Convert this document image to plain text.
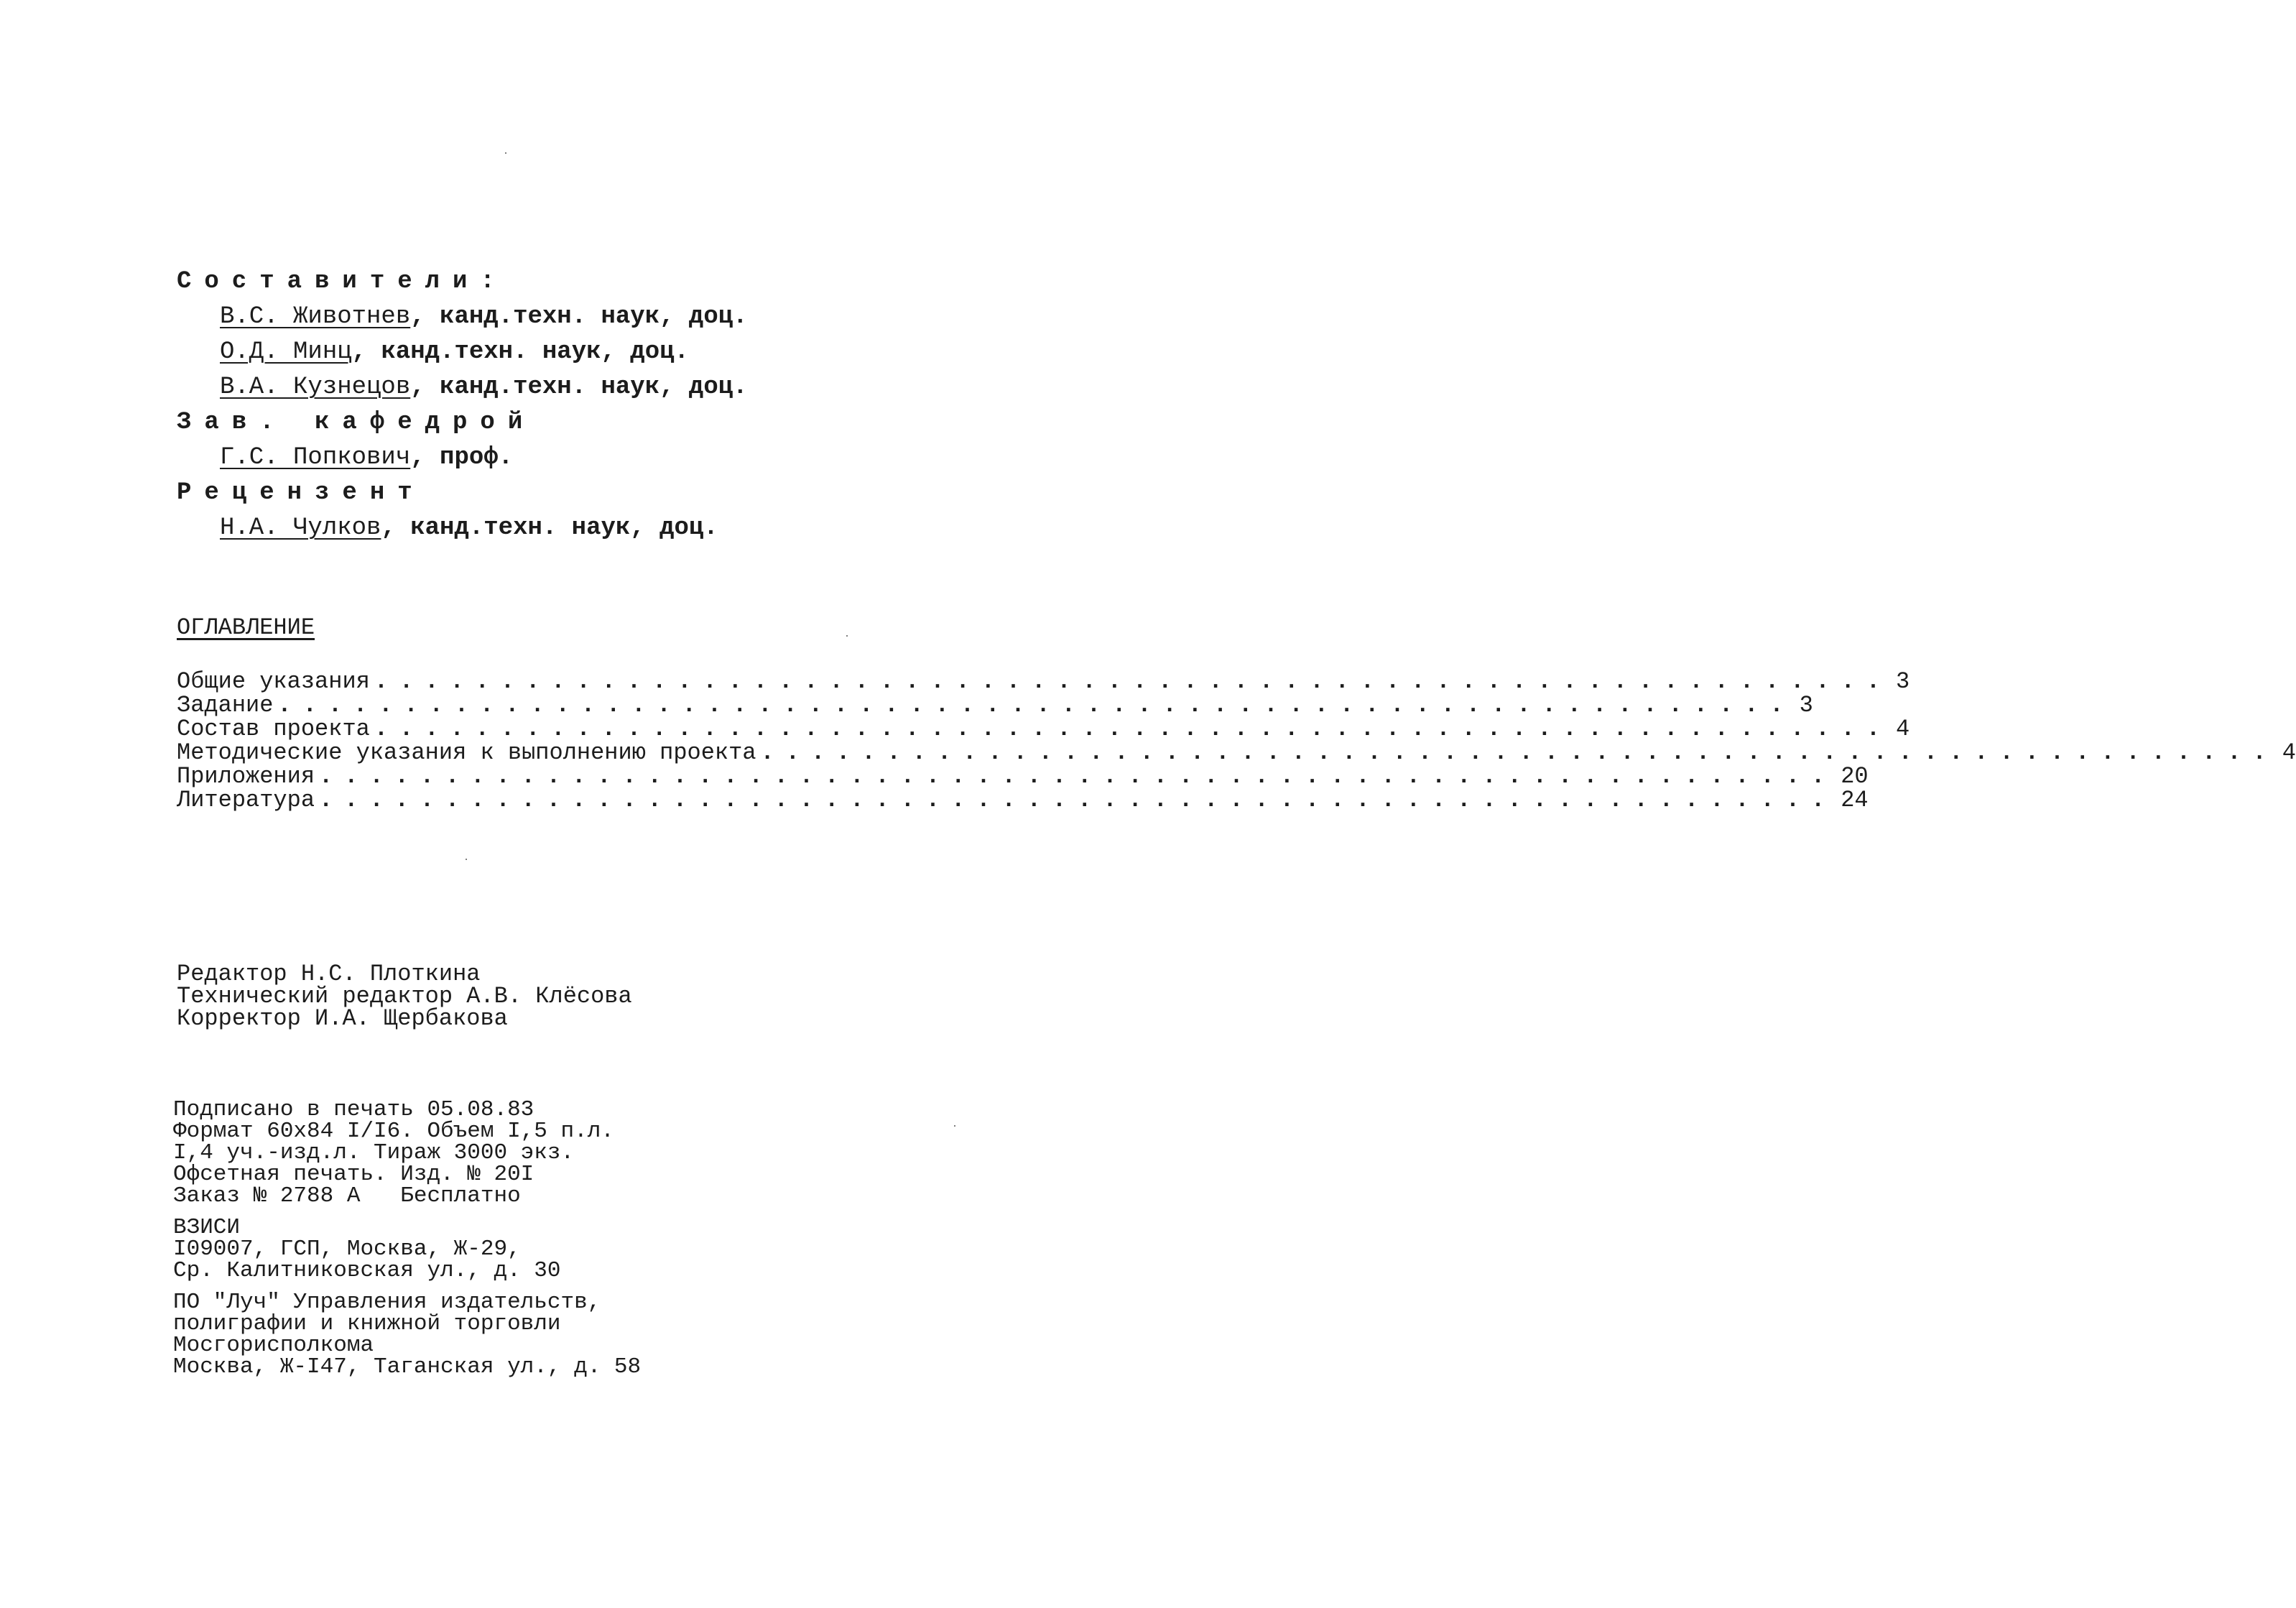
Составители:
В.С. Животнев, канд.техн. наук, доц.
О.Д. Минц, канд.техн. наук, доц.
В.А. Кузнецов, канд.техн. наук, доц.
Зав. кафедрой
Г.С. Попкович, проф.
Рецензент
Н.А. Чулков, канд.техн. наук, доц.
ОГЛАВЛЕНИЕ
Общие указания ............................................................ 3
Задание ............................................................ 3
Состав проекта ............................................................ 4
Методические указания к выполнению проекта ............................................................ 4
Приложения ............................................................ 20
Литература ............................................................ 24
Редактор Н.С. Плоткина
Технический редактор А.В. Клёсова
Корректор И.А. Щербакова
Подписано в печать 05.08.83
Формат 60х84 I/I6. Объем I,5 п.л.
I,4 уч.-изд.л. Тираж 3000 экз.
Офсетная печать. Изд. № 20I
Заказ № 2788 А   Бесплатно
ВЗИСИ
I09007, ГСП, Москва, Ж-29,
Ср. Калитниковская ул., д. 30
ПО "Луч" Управления издательств,
полиграфии и книжной торговли
Мосгорисполкома
Москва, Ж-I47, Таганская ул., д. 58
